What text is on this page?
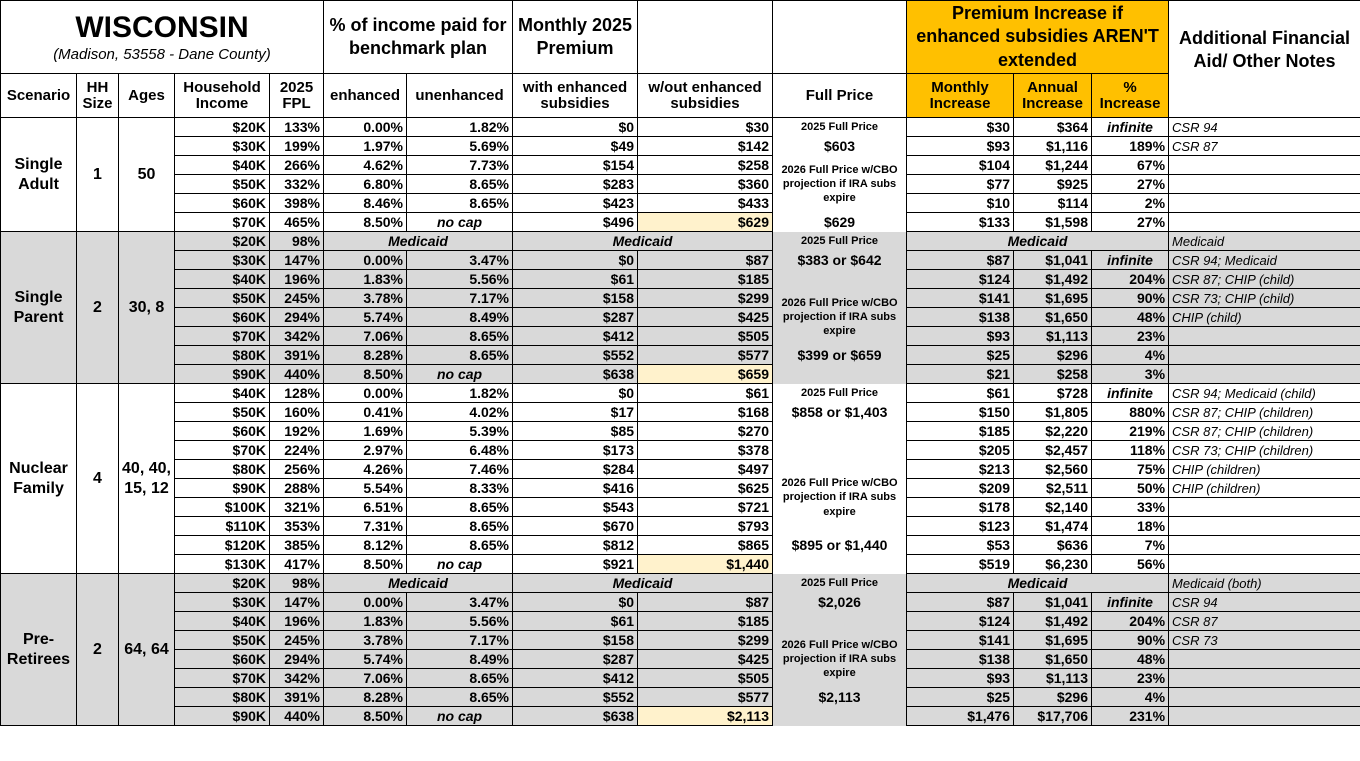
WISCONSIN
(Madison, 53558 - Dane County)					% of income paid for benchmark plan		Monthly 2025 Premium			Premium Increase if enhanced subsidies AREN'T extended			Additional Financial Aid/ Other Notes
Scenario	HH Size	Ages	Household Income	2025 FPL	enhanced	unenhanced	with enhanced subsidies	w/out enhanced subsidies	Full Price	Monthly Increase	Annual Increase	% Increase	
Single Adult	1	50	$20K	133%	0.00%	1.82%	$0	$30	2025 Full Price	$30	$364	infinite	CSR 94
			$30K	199%	1.97%	5.69%	$49	$142	$603	$93	$1,116	189%	CSR 87
			$40K	266%	4.62%	7.73%	$154	$258	2026 Full Price w/CBO projection if IRA subs expire	$104	$1,244	67%	
			$50K	332%	6.80%	8.65%	$283	$360		$77	$925	27%	
			$60K	398%	8.46%	8.65%	$423	$433		$10	$114	2%	
			$70K	465%	8.50%	no cap	$496	$629	$629	$133	$1,598	27%	
Single Parent	2	30, 8	$20K	98%	Medicaid		Medicaid		2025 Full Price	Medicaid			Medicaid
			$30K	147%	0.00%	3.47%	$0	$87	$383 or $642	$87	$1,041	infinite	CSR 94; Medicaid
			$40K	196%	1.83%	5.56%	$61	$185		$124	$1,492	204%	CSR 87; CHIP (child)
			$50K	245%	3.78%	7.17%	$158	$299	2026 Full Price w/CBO projection if IRA subs expire	$141	$1,695	90%	CSR 73; CHIP (child)
			$60K	294%	5.74%	8.49%	$287	$425		$138	$1,650	48%	CHIP (child)
			$70K	342%	7.06%	8.65%	$412	$505		$93	$1,113	23%	
			$80K	391%	8.28%	8.65%	$552	$577	$399 or $659	$25	$296	4%	
			$90K	440%	8.50%	no cap	$638	$659		$21	$258	3%	
Nuclear Family	4	40, 40, 15, 12	$40K	128%	0.00%	1.82%	$0	$61	2025 Full Price	$61	$728	infinite	CSR 94; Medicaid (child)
			$50K	160%	0.41%	4.02%	$17	$168	$858 or $1,403	$150	$1,805	880%	CSR 87; CHIP (children)
			$60K	192%	1.69%	5.39%	$85	$270		$185	$2,220	219%	CSR 87; CHIP (children)
			$70K	224%	2.97%	6.48%	$173	$378		$205	$2,457	118%	CSR 73; CHIP (children)
			$80K	256%	4.26%	7.46%	$284	$497	2026 Full Price w/CBO projection if IRA subs expire	$213	$2,560	75%	CHIP (children)
			$90K	288%	5.54%	8.33%	$416	$625		$209	$2,511	50%	CHIP (children)
			$100K	321%	6.51%	8.65%	$543	$721		$178	$2,140	33%	
			$110K	353%	7.31%	8.65%	$670	$793		$123	$1,474	18%	
			$120K	385%	8.12%	8.65%	$812	$865	$895 or $1,440	$53	$636	7%	
			$130K	417%	8.50%	no cap	$921	$1,440		$519	$6,230	56%	
Pre- Retirees	2	64, 64	$20K	98%	Medicaid		Medicaid		2025 Full Price	Medicaid			Medicaid (both)
			$30K	147%	0.00%	3.47%	$0	$87	$2,026	$87	$1,041	infinite	CSR 94
			$40K	196%	1.83%	5.56%	$61	$185		$124	$1,492	204%	CSR 87
			$50K	245%	3.78%	7.17%	$158	$299	2026 Full Price w/CBO projection if IRA subs expire	$141	$1,695	90%	CSR 73
			$60K	294%	5.74%	8.49%	$287	$425		$138	$1,650	48%	
			$70K	342%	7.06%	8.65%	$412	$505		$93	$1,113	23%	
			$80K	391%	8.28%	8.65%	$552	$577	$2,113	$25	$296	4%	
			$90K	440%	8.50%	no cap	$638	$2,113		$1,476	$17,706	231%	
